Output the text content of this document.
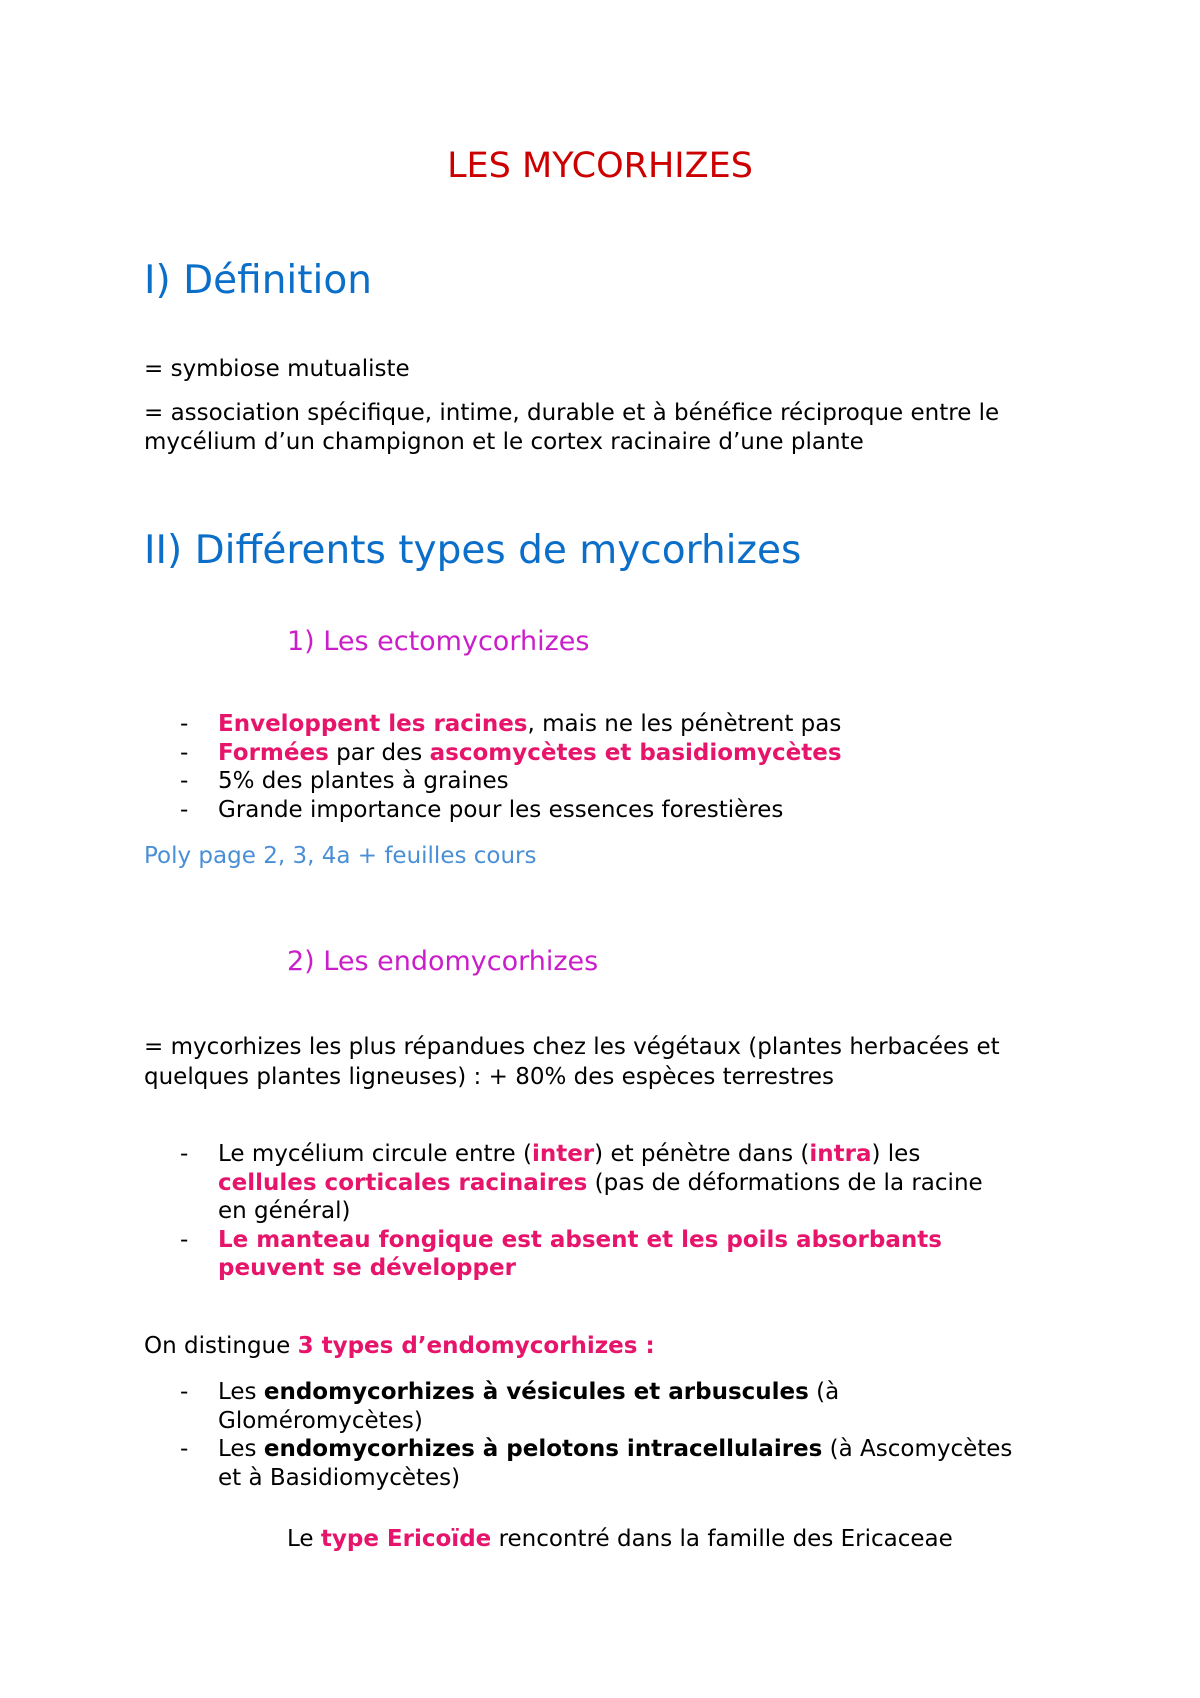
LES MYCORHIZES
I) Définition
= symbiose mutualiste
= association spécifique, intime, durable et à bénéfice réciproque entre le
mycélium d’un champignon et le cortex racinaire d’une plante
II) Différents types de mycorhizes
1) Les ectomycorhizes
- Enveloppent les racines, mais ne les pénètrent pas
- Formées par des ascomycètes et basidiomycètes
- 5% des plantes à graines
- Grande importance pour les essences forestières
Poly page 2, 3, 4a + feuilles cours
2) Les endomycorhizes
= mycorhizes les plus répandues chez les végétaux (plantes herbacées et
quelques plantes ligneuses) : + 80% des espèces terrestres
- Le mycélium circule entre (inter) et pénètre dans (intra) les
cellules corticales racinaires (pas de déformations de la racine
en général)
- Le manteau fongique est absent et les poils absorbants
peuvent se développer
On distingue 3 types d’endomycorhizes :
- Les endomycorhizes à vésicules et arbuscules (à
Gloméromycètes)
- Les endomycorhizes à pelotons intracellulaires (à Ascomycètes
et à Basidiomycètes)
Le type Ericoïde rencontré dans la famille des Ericaceae
